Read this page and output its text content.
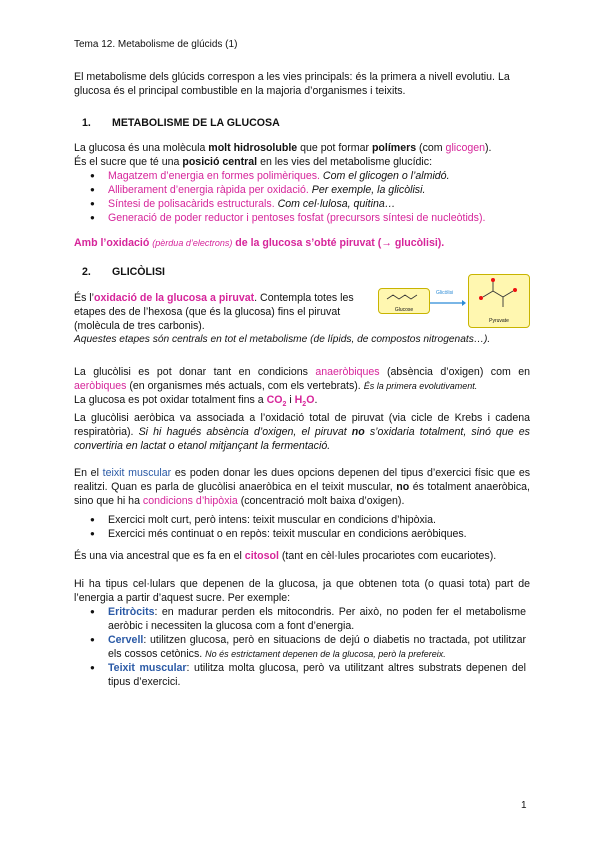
Tema 12. Metabolisme de glúcids (1)
El metabolisme dels glúcids correspon a les vies principals: és la primera a nivell evolutiu. La glucosa és el principal combustible en la majoria d’organismes i teixits.
1. METABOLISME DE LA GLUCOSA
La glucosa és una molècula molt hidrosoluble que pot formar polímers (com glicogen).
És el sucre que té una posició central en les vies del metabolisme glucídic:
● Magatzem d’energia en formes polimèriques. Com el glicogen o l’almidó.
● Alliberament d’energia ràpida per oxidació. Per exemple, la glicòlisi.
● Síntesi de polisacàrids estructurals. Com cel·lulosa, quitina…
● Generació de poder reductor i pentoses fosfat (precursors síntesi de nucleòtids).
Amb l’oxidació (pèrdua d’electrons) de la glucosa s’obté piruvat (→ glucòlisi).
2. GLICÒLISI
Glucose
Glicòlisi
Pyruvate
És l’oxidació de la glucosa a piruvat. Contempla totes les etapes des de l’hexosa (que és la glucosa) fins el piruvat (molècula de tres carbonis).
Aquestes etapes són centrals en tot el metabolisme (de lípids, de compostos nitrogenats…).
La glucòlisi es pot donar tant en condicions anaeròbiques (absència d’oxigen) com en aeròbiques (en organismes més actuals, com els vertebrats). És la primera evolutivament.
La glucosa es pot oxidar totalment fins a $CO_2$ i $H_2O$.
La glucòlisi aeròbica va associada a l’oxidació total de piruvat (via cicle de Krebs i cadena respiratòria). Si hi hagués absència d’oxigen, el piruvat no s’oxidaria totalment, sinó que es convertiria en lactat o etanol mitjançant la fermentació.
En el teixit muscular es poden donar les dues opcions depenen del tipus d’exercici físic que es realitzi. Quan es parla de glucòlisi anaeròbica en el teixit muscular, no és totalment anaeròbica, sino que hi ha condicions d’hipòxia (concentració molt baixa d’oxigen).
● Exercici molt curt, però intens: teixit muscular en condicions d’hipòxia.
● Exercici més continuat o en repòs: teixit muscular en condicions aeròbiques.
És una via ancestral que es fa en el citosol (tant en cèl·lules procariotes com eucariotes).
Hi ha tipus cel·lulars que depenen de la glucosa, ja que obtenen tota (o quasi tota) part de l’energia a partir d’aquest sucre. Per exemple:
● Eritròcits: en madurar perden els mitocondris. Per això, no poden fer el metabolisme aeròbic i necessiten la glucosa com a font d’energia.
● Cervell: utilitzen glucosa, però en situacions de dejú o diabetis no tractada, pot utilitzar els cossos cetònics. No és estrictament depenen de la glucosa, però la prefereix.
● Teixit muscular: utilitza molta glucosa, però va utilitzant altres substrats depenen del tipus d’exercici.
1
